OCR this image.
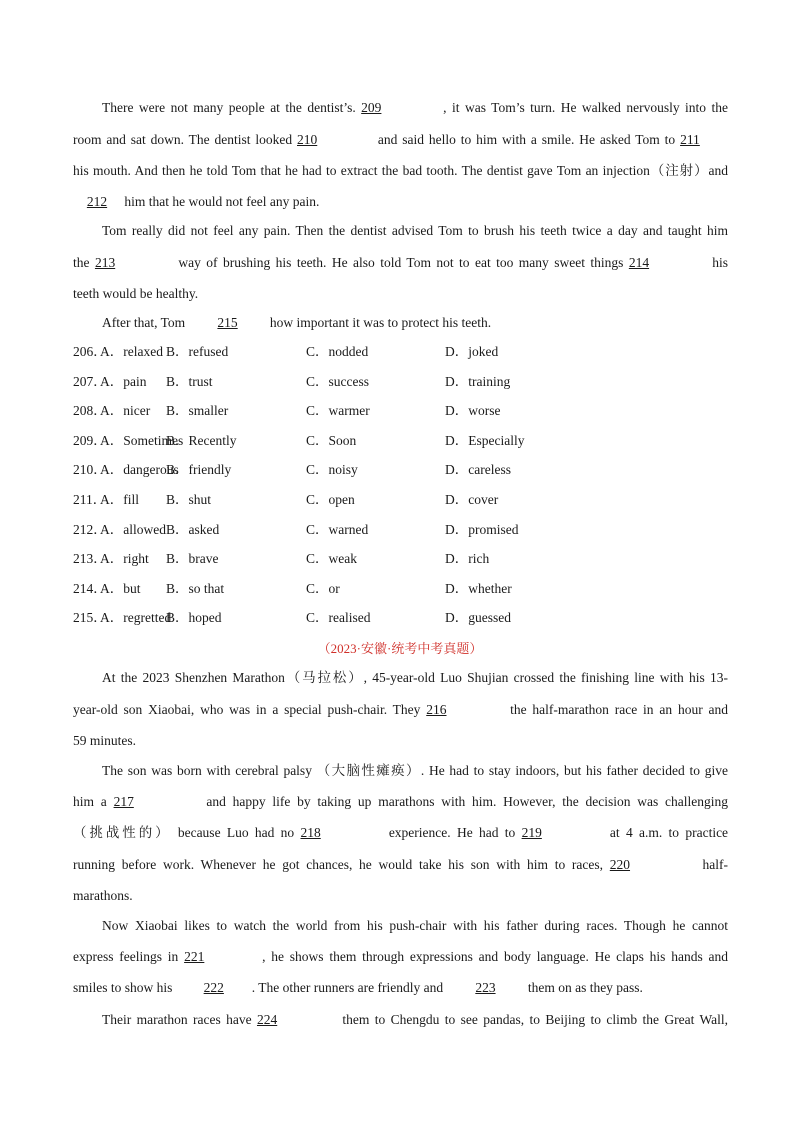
There were not many people at the dentist’s. 209	, it was Tom’s turn. He walked nervously into the
room and sat down. The dentist looked 210	and said hello to him with a smile. He asked Tom to 211
his mouth. And then he told Tom that he had to extract the bad tooth. The dentist gave Tom an injection（注射）and
212 him that he would not feel any pain.
Tom really did not feel any pain. Then the dentist advised Tom to brush his teeth twice a day and taught him
the 213	way of brushing his teeth. He also told Tom not to eat too many sweet things 214	his
teeth would be healthy.
After that, Tom 215 how important it was to protect his teeth.
206．
A．relaxed B．refused	C．nodded	D．joked
207．
A．pain B．trust	C．success	D．training
208．
A．nicer B．smaller	C．warmer	D．worse
209．
A．Sometimes
B．Recently	C．Soon	D．Especially
210．
A．dangerous
B．friendly	C．noisy	D．careless
211．
A．fill B．shut	C．open	D．cover
212．
A．allowed B．asked	C．warned	D．promised
213．
A．right B．brave	C．weak	D．rich
214．
A．but B．so that	C．or	D．whether
215．
A．regretted
B．hoped	C．realised	D．guessed
（2023·安徽·统考中考真题）
At the 2023 Shenzhen Marathon（马拉松）, 45-year-old Luo Shujian crossed the finishing line with his 13-
year-old son Xiaobai, who was in a special push-chair. They 216	the half-marathon race in an hour and
59 minutes.
The son was born with cerebral palsy （大脑性瘫痪）. He had to stay indoors, but his father decided to give
him a 217	and happy life by taking up marathons with him. However, the decision was challenging
（挑战性的） because Luo had no 218	experience. He had to 219	at 4 a.m. to practice
running before work. Whenever he got chances, he would take his son with him to races, 220	half-
marathons.
Now Xiaobai likes to watch the world from his push-chair with his father during races. Though he cannot
express feelings in 221	, he shows them through expressions and body language. He claps his hands and
smiles to show his 222 . The other runners are friendly and 223 them on as they pass.
Their marathon races have 224	them to Chengdu to see pandas, to Beijing to climb the Great Wall,
